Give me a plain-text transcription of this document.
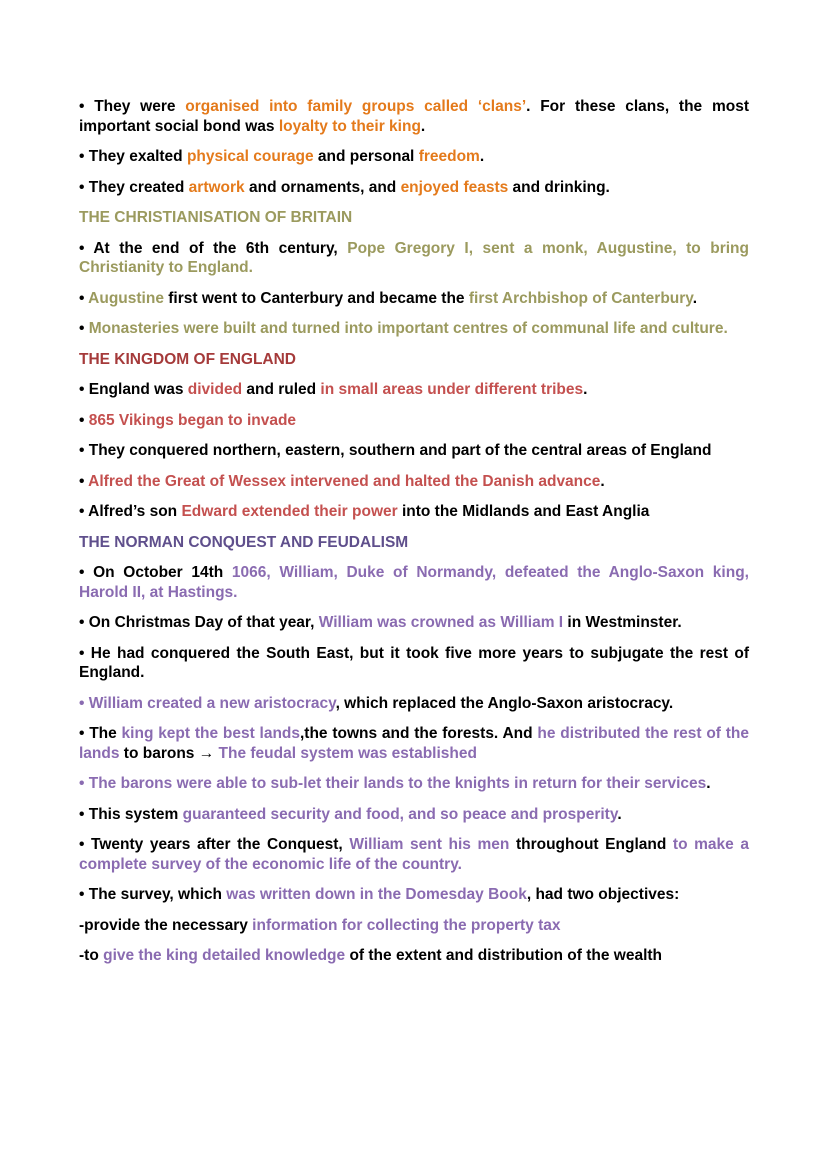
• They were organised into family groups called ‘clans’. For these clans, the most important social bond was loyalty to their king.

• They exalted physical courage and personal freedom.

• They created artwork and ornaments, and enjoyed feasts and drinking.

THE CHRISTIANISATION OF BRITAIN

• At the end of the 6th century, Pope Gregory I, sent a monk, Augustine, to bring Christianity to England.

• Augustine first went to Canterbury and became the first Archbishop of Canterbury.

• Monasteries were built and turned into important centres of communal life and culture.

THE KINGDOM OF ENGLAND

• England was divided and ruled in small areas under different tribes.

• 865 Vikings began to invade

• They conquered northern, eastern, southern and part of the central areas of England

• Alfred the Great of Wessex intervened and halted the Danish advance.

• Alfred’s son Edward extended their power into the Midlands and East Anglia

THE NORMAN CONQUEST AND FEUDALISM

• On October 14th 1066, William, Duke of Normandy, defeated the Anglo-Saxon king, Harold II, at Hastings.

• On Christmas Day of that year, William was crowned as William I in Westminster.

• He had conquered the South East, but it took five more years to subjugate the rest of England.

• William created a new aristocracy, which replaced the Anglo-Saxon aristocracy.

• The king kept the best lands,the towns and the forests. And he distributed the rest of the lands to barons → The feudal system was established

• The barons were able to sub-let their lands to the knights in return for their services.

• This system guaranteed security and food, and so peace and prosperity.

• Twenty years after the Conquest, William sent his men throughout England to make a complete survey of the economic life of the country.

• The survey, which was written down in the Domesday Book, had two objectives:

-provide the necessary information for collecting the property tax

-to give the king detailed knowledge of the extent and distribution of the wealth
